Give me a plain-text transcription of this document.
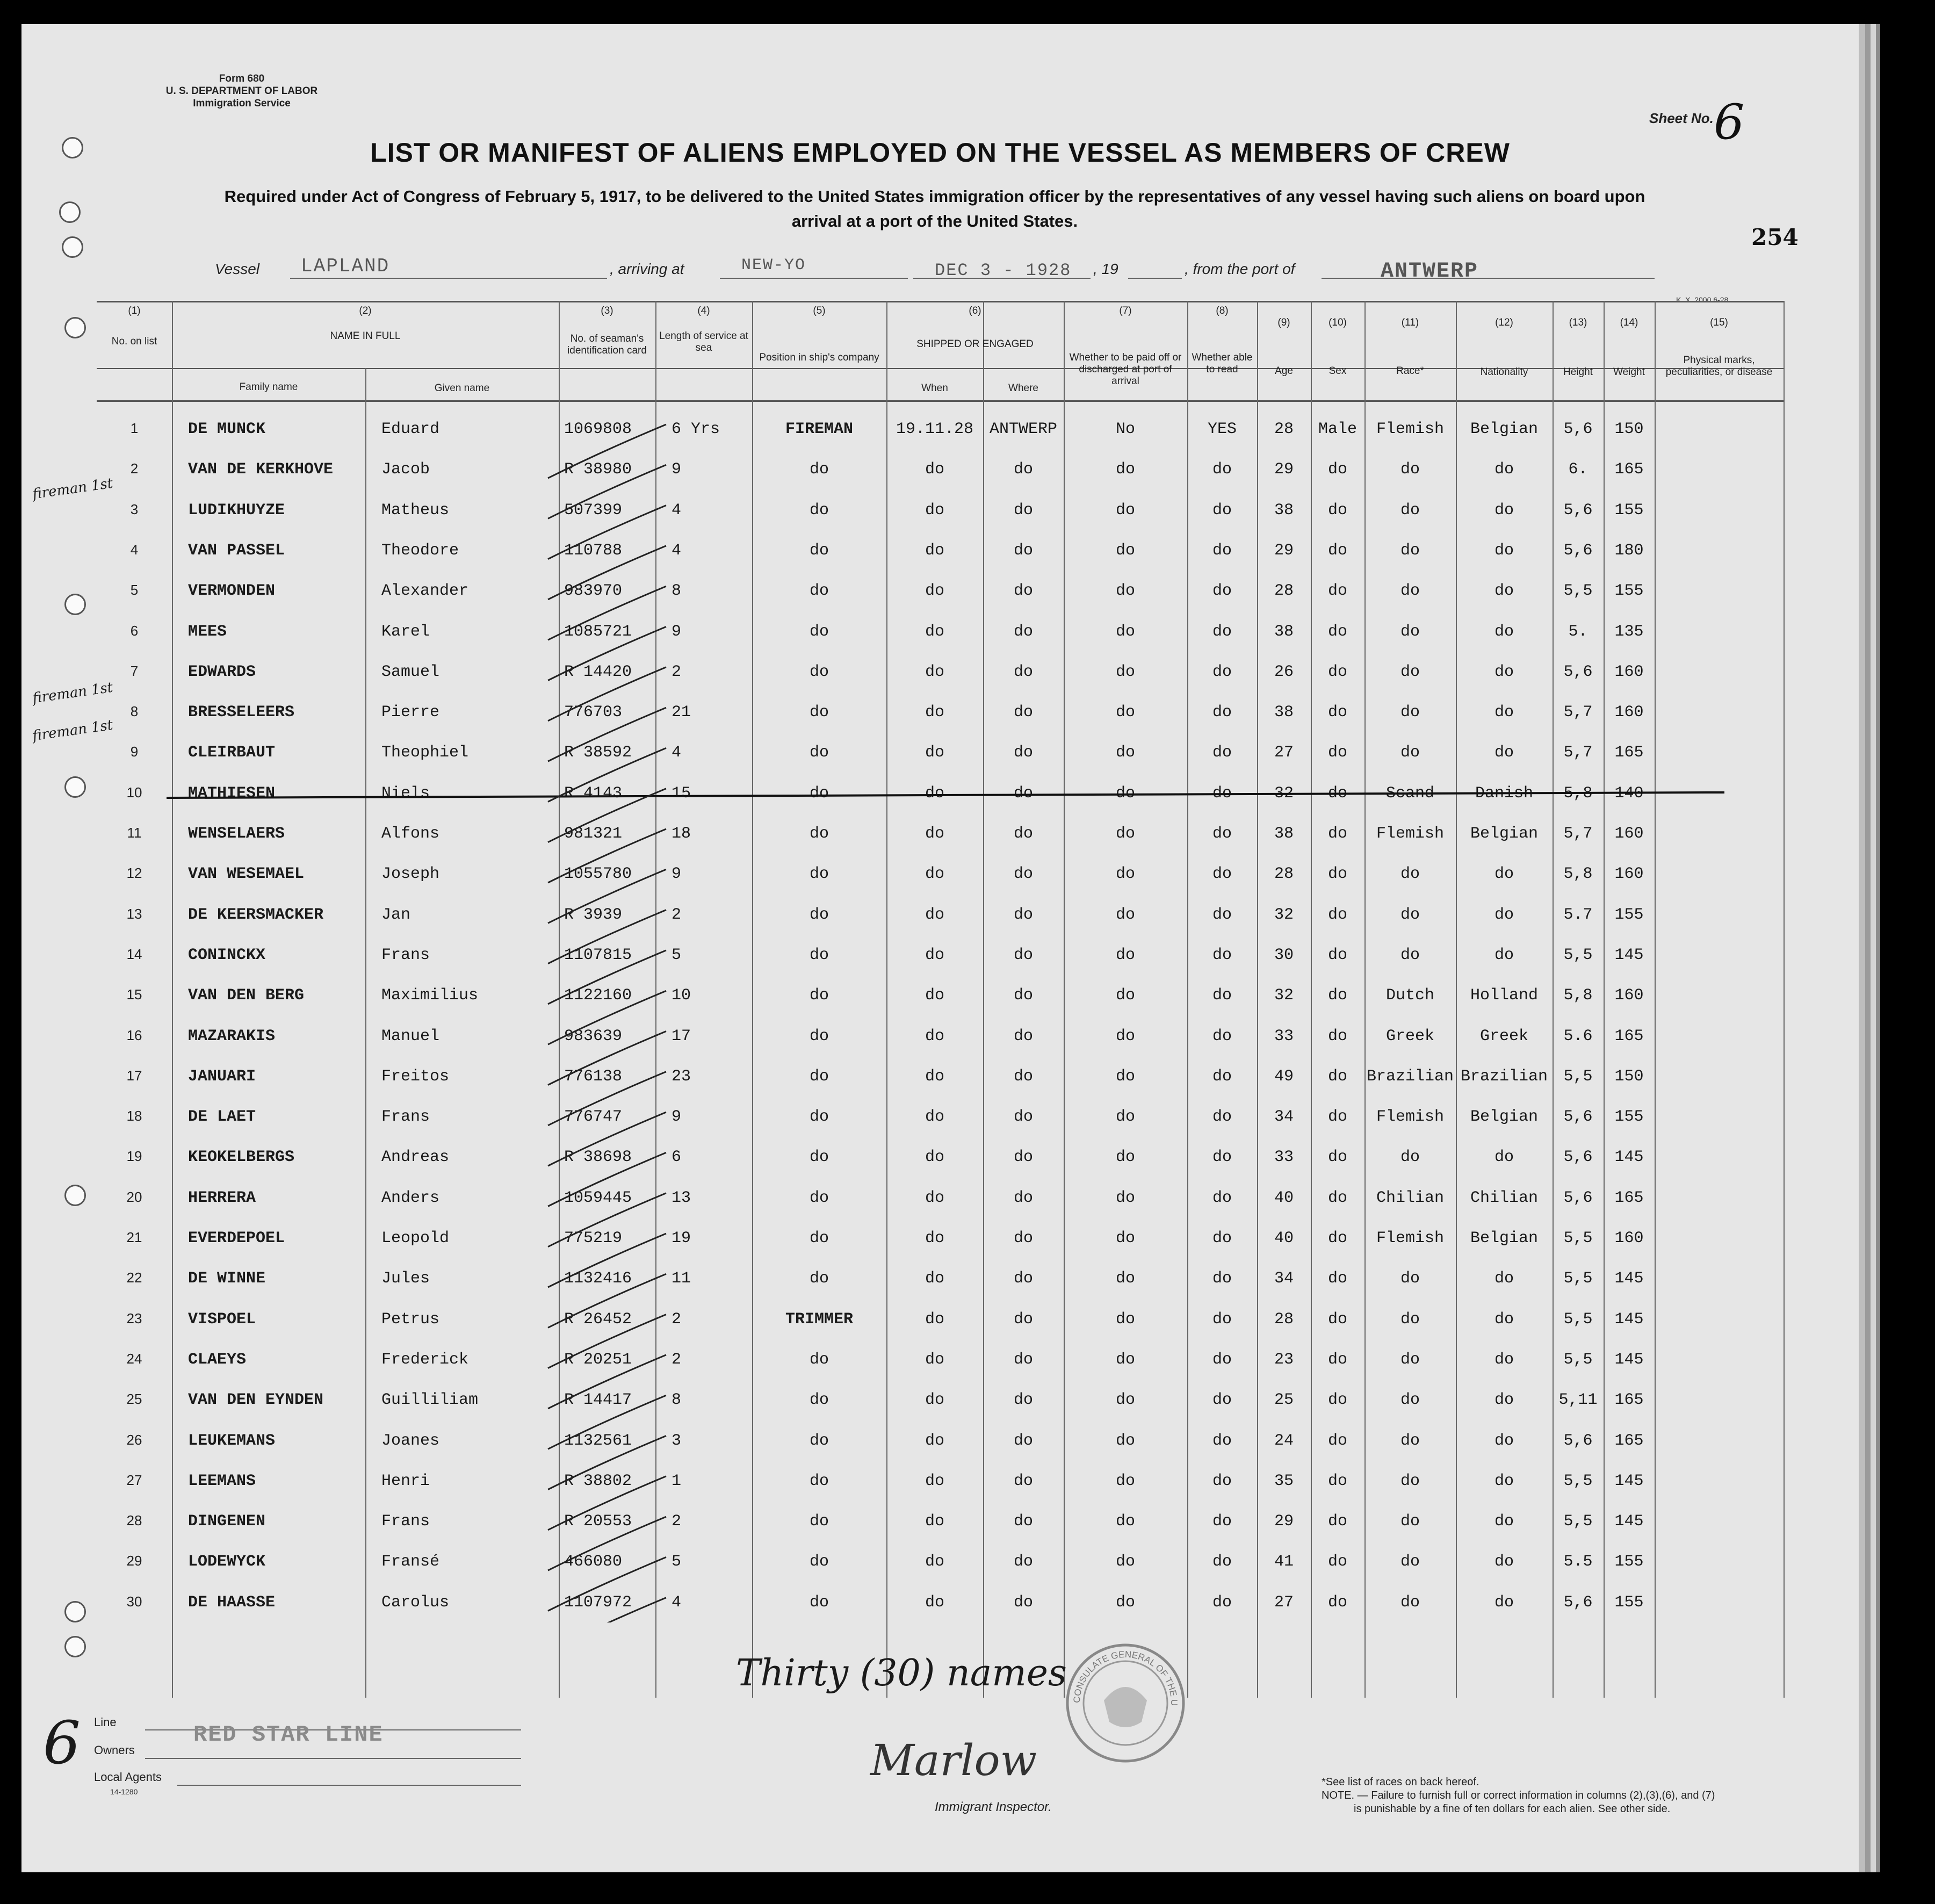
Form 680
U. S. DEPARTMENT OF LABOR
Immigration Service
Sheet No. 6
LIST OR MANIFEST OF ALIENS EMPLOYED ON THE VESSEL AS MEMBERS OF CREW
Required under Act of Congress of February 5, 1917, to be delivered to the United States immigration officer by the representatives of any vessel having such aliens on board upon
arrival at a port of the United States.
254
Vessel LAPLAND	, arriving at	NEW-YO	DEC 3 - 1928 , 19	, from the port of	ANTWERP
K. X. 2000 6-28
(1)
No. on list
(2)
NAME IN FULL
(3)
No. of seaman's identification card
(4)
Length of service at sea
(5)
Position in ship's company
(6)
SHIPPED OR ENGAGED
(7)
Whether to be paid off or discharged at port of arrival
(8)
Whether able to read
(9)
Age
(10)
Sex
(11)
Race*
(12)
Nationality
(13)
Height
(14)
Weight
(15)
Physical marks, peculiarities, or disease
Family name	Given name	When	Where
1	DE MUNCK	Eduard	1069808	6 Yrs	FIREMAN	19.11.28 ANTWERP	No	YES	28	Male	Flemish	Belgian	5,6	150
2	VAN DE KERKHOVE	Jacob	R 38980	9	do	do	do	do	do	29	do	do	do	6.	165
3	LUDIKHUYZE	Matheus	507399	4	do	do	do	do	do	38	do	do	do	5,6	155
4	VAN PASSEL	Theodore	110788	4	do	do	do	do	do	29	do	do	do	5,6	180
5	VERMONDEN	Alexander	983970	8	do	do	do	do	do	28	do	do	do	5,5	155
6	MEES	Karel	1085721	9	do	do	do	do	do	38	do	do	do	5.	135
7	EDWARDS	Samuel	R 14420	2	do	do	do	do	do	26	do	do	do	5,6	160
8	BRESSELEERS	Pierre	776703	21	do	do	do	do	do	38	do	do	do	5,7	160
9	CLEIRBAUT	Theophiel	R 38592	4	do	do	do	do	do	27	do	do	do	5,7	165
10	MATHIESEN	Niels	R 4143	15	do	do	do	do	do	32	do	Scand	Danish	5,8	140
11	WENSELAERS	Alfons	981321	18	do	do	do	do	do	38	do	Flemish	Belgian	5,7	160
12	VAN WESEMAEL	Joseph	1055780	9	do	do	do	do	do	28	do	do	do	5,8	160
13	DE KEERSMACKER	Jan	R 3939	2	do	do	do	do	do	32	do	do	do	5.7	155
14	CONINCKX	Frans	1107815	5	do	do	do	do	do	30	do	do	do	5,5	145
15	VAN DEN BERG	Maximilius	1122160	10	do	do	do	do	do	32	do	Dutch	Holland	5,8	160
16	MAZARAKIS	Manuel	983639	17	do	do	do	do	do	33	do	Greek	Greek	5.6	165
17	JANUARI	Freitos	776138	23	do	do	do	do	do	49	do	Brazilian Brazilian 5,5	150
18	DE LAET	Frans	776747	9	do	do	do	do	do	34	do	Flemish	Belgian	5,6	155
19	KEOKELBERGS	Andreas	R 38698	6	do	do	do	do	do	33	do	do	do	5,6	145
20	HERRERA	Anders	1059445	13	do	do	do	do	do	40	do	Chilian	Chilian	5,6	165
21	EVERDEPOEL	Leopold	775219	19	do	do	do	do	do	40	do	Flemish	Belgian	5,5	160
22	DE WINNE	Jules	1132416	11	do	do	do	do	do	34	do	do	do	5,5	145
23	VISPOEL	Petrus	R 26452	2	TRIMMER	do	do	do	do	28	do	do	do	5,5	145
24	CLAEYS	Frederick	R 20251	2	do	do	do	do	do	23	do	do	do	5,5	145
25	VAN DEN EYNDEN	Guilliliam	R 14417	8	do	do	do	do	do	25	do	do	do	5,11	165
26	LEUKEMANS	Joanes	1132561	3	do	do	do	do	do	24	do	do	do	5,6	165
27	LEEMANS	Henri	R 38802	1	do	do	do	do	do	35	do	do	do	5,5	145
28	DINGENEN	Frans	R 20553	2	do	do	do	do	do	29	do	do	do	5,5	145
29	LODEWYCK	Fransé	466080	5	do	do	do	do	do	41	do	do	do	5.5	155
30	DE HAASSE	Carolus	1107972	4	do	do	do	do	do	27	do	do	do	5,6	155
fireman 1st
fireman 1st
fireman 1st
Thirty (30) names
CONSULATE GENERAL OF THE U
6 Line
Owners
RED STAR LINE
Local Agents
14-1280
Marlow
Immigrant Inspector.
*See list of races on back hereof.
NOTE. — Failure to furnish full or correct information in columns (2),(3),(6), and (7)
is punishable by a fine of ten dollars for each alien. See other side.
